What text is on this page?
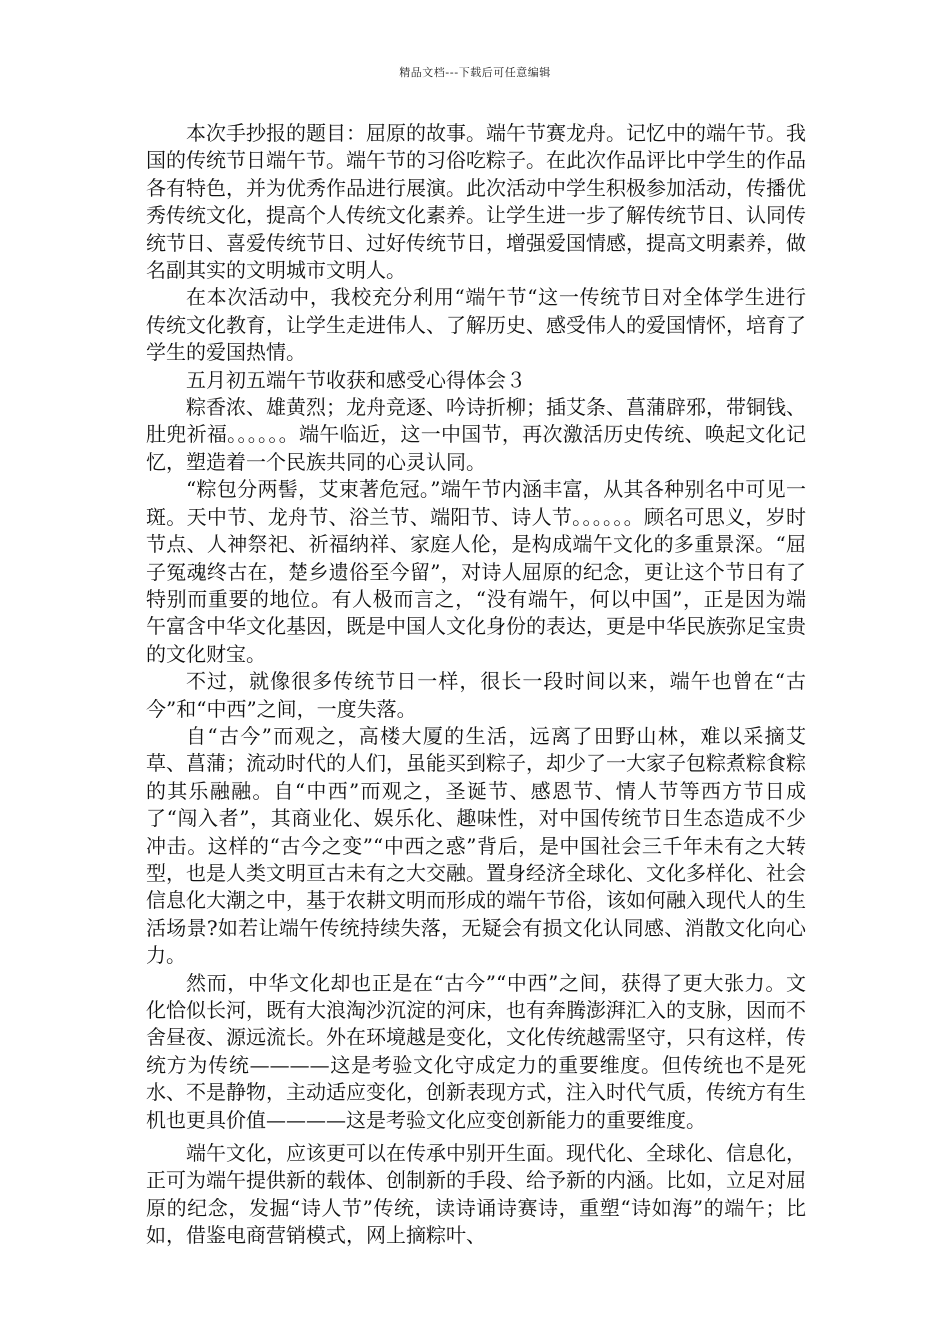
精品文档---下载后可任意编辑

本次手抄报的题目：屈原的故事。端午节赛龙舟。记忆中的端午节。我国的传统节日端午节。端午节的习俗吃粽子。在此次作品评比中学生的作品各有特色，并为优秀作品进行展演。此次活动中学生积极参加活动，传播优秀传统文化，提高个人传统文化素养。让学生进一步了解传统节日、认同传统节日、喜爱传统节日、过好传统节日，增强爱国情感，提高文明素养，做名副其实的文明城市文明人。

在本次活动中，我校充分利用“端午节“这一传统节日对全体学生进行传统文化教育，让学生走进伟人、了解历史、感受伟人的爱国情怀，培育了学生的爱国热情。

五月初五端午节收获和感受心得体会３

粽香浓、雄黄烈；龙舟竞逐、吟诗折柳；插艾条、菖蒲辟邪，带铜钱、肚兜祈福。。。。。。端午临近，这一中国节，再次激活历史传统、唤起文化记忆，塑造着一个民族共同的心灵认同。

“粽包分两髻，艾束著危冠。”端午节内涵丰富，从其各种别名中可见一斑。天中节、龙舟节、浴兰节、端阳节、诗人节。。。。。。顾名可思义，岁时节点、人神祭祀、祈福纳祥、家庭人伦，是构成端午文化的多重景深。“屈子冤魂终古在，楚乡遗俗至今留”，对诗人屈原的纪念，更让这个节日有了特别而重要的地位。有人极而言之，“没有端午，何以中国”，正是因为端午富含中华文化基因，既是中国人文化身份的表达，更是中华民族弥足宝贵的文化财宝。

不过，就像很多传统节日一样，很长一段时间以来，端午也曾在“古今”和“中西”之间，一度失落。

自“古今”而观之，高楼大厦的生活，远离了田野山林，难以采摘艾草、菖蒲；流动时代的人们，虽能买到粽子，却少了一大家子包粽煮粽食粽的其乐融融。自“中西”而观之，圣诞节、感恩节、情人节等西方节日成了“闯入者”，其商业化、娱乐化、趣味性，对中国传统节日生态造成不少冲击。这样的“古今之变”“中西之惑”背后，是中国社会三千年未有之大转型，也是人类文明亘古未有之大交融。置身经济全球化、文化多样化、社会信息化大潮之中，基于农耕文明而形成的端午节俗，该如何融入现代人的生活场景?如若让端午传统持续失落，无疑会有损文化认同感、消散文化向心力。

然而，中华文化却也正是在“古今”“中西”之间，获得了更大张力。文化恰似长河，既有大浪淘沙沉淀的河床，也有奔腾澎湃汇入的支脉，因而不舍昼夜、源远流长。外在环境越是变化，文化传统越需坚守，只有这样，传统方为传统————这是考验文化守成定力的重要维度。但传统也不是死水、不是静物，主动适应变化，创新表现方式，注入时代气质，传统方有生机也更具价值————这是考验文化应变创新能力的重要维度。

端午文化，应该更可以在传承中别开生面。现代化、全球化、信息化，正可为端午提供新的载体、创制新的手段、给予新的内涵。比如，立足对屈原的纪念，发掘“诗人节”传统，读诗诵诗赛诗，重塑“诗如海”的端午；比如，借鉴电商营销模式，网上摘粽叶、
